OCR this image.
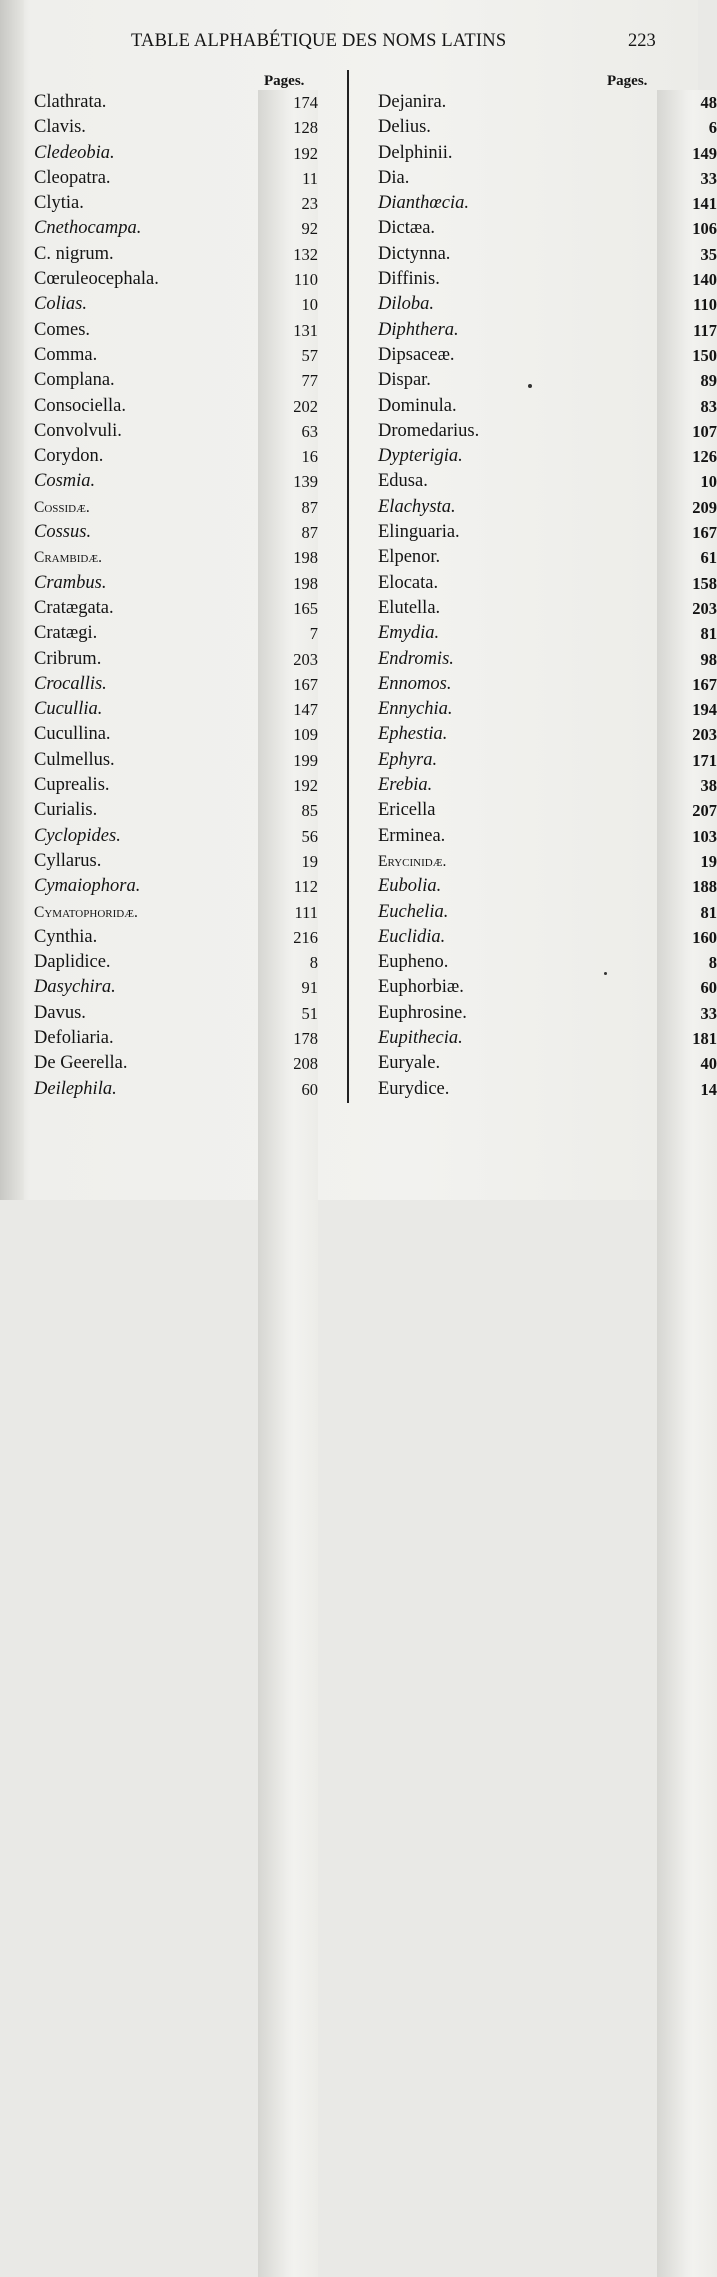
TABLE ALPHABÉTIQUE DES NOMS LATINS	223
Pages.	Pages.
Clathrata.	174
Clavis.	128
Cledeobia.	192
Cleopatra.	11
Clytia.	23
Cnethocampa.	92
C. nigrum.	132
Cœruleocephala.	110
Colias.	10
Comes.	131
Comma.	57
Complana.	77
Consociella.	202
Convolvuli.	63
Corydon.	16
Cosmia.	139
Cossidæ.	87
Cossus.	87
Crambidæ.	198
Crambus.	198
Cratægata.	165
Cratægi.	7
Cribrum.	203
Crocallis.	167
Cucullia.	147
Cucullina.	109
Culmellus.	199
Cuprealis.	192
Curialis.	85
Cyclopides.	56
Cyllarus.	19
Cymaiophora.	112
Cymatophoridæ.	111
Cynthia.	216
Daplidice.	8
Dasychira.	91
Davus.	51
Defoliaria.	178
De Geerella.	208
Deilephila.	60
Dejanira.	48
Delius.	6
Delphinii.	149
Dia.	33
Dianthœcia.	141
Dictæa.	106
Dictynna.	35
Diffinis.	140
Diloba.	110
Diphthera.	117
Dipsaceæ.	150
Dispar.	89
Dominula.	83
Dromedarius.	107
Dypterigia.	126
Edusa.	10
Elachysta.	209
Elinguaria.	167
Elpenor.	61
Elocata.	158
Elutella.	203
Emydia.	81
Endromis.	98
Ennomos.	167
Ennychia.	194
Ephestia.	203
Ephyra.	171
Erebia.	38
Ericella	207
Erminea.	103
Erycinidæ.	19
Eubolia.	188
Euchelia.	81
Euclidia.	160
Eupheno.	8
Euphorbiæ.	60
Euphrosine.	33
Eupithecia.	181
Euryale.	40
Eurydice.	14
